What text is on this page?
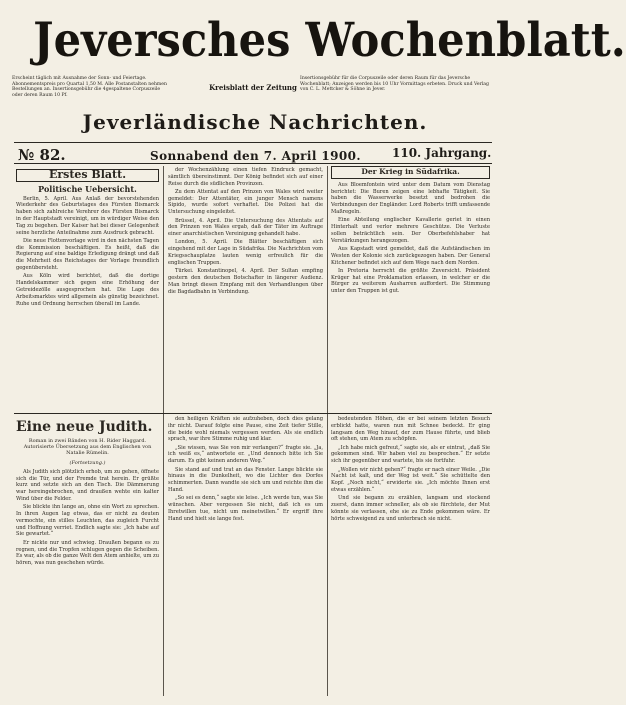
Jeversches Wochenblatt.
Erscheint täglich mit Ausnahme der Sonn- und Feiertage. Abonnementspreis pro Quartal 1,50 M. Alle Postanstalten nehmen Bestellungen an. Insertionsgebühr die 4gespaltene Corpuszeile oder deren Raum 10 Pf.
Kreisblatt der Zeitung
Insertionsgebühr für die Corpuszeile oder deren Raum für das Jeversche Wochenblatt; Anzeigen werden bis 10 Uhr Vormittags erbeten. Druck und Verlag von C. L. Mettcker & Söhne in Jever.
Jeverländische Nachrichten.
№ 82.	Sonnabend den 7. April 1900.	110. Jahrgang.
Erstes Blatt.
Politische Uebersicht.

Berlin, 5. April. Aus Anlaß der bevorstehenden Wiederkehr des Geburtstages des Fürsten Bismarck haben sich zahlreiche Verehrer des Fürsten Bismarck in der Hauptstadt vereinigt, um in würdiger Weise den Tag zu begehen. Der Kaiser hat bei dieser Gelegenheit seine herzliche Anteilnahme zum Ausdruck gebracht.

Die neue Flottenvorlage wird in den nächsten Tagen die Kommission beschäftigen. Es heißt, daß die Regierung auf eine baldige Erledigung drängt und daß die Mehrheit des Reichstages der Vorlage freundlich gegenübersteht.

Aus Köln wird berichtet, daß die dortige Handelskammer sich gegen eine Erhöhung der Getreidezölle ausgesprochen hat. Die Lage des Arbeitsmarktes wird allgemein als günstig bezeichnet. Ruhe und Ordnung herrschen überall im Lande.

der Wochenzählung einen tiefen Eindruck gemacht, sämtlich übereinstimmt. Der König befindet sich auf einer Reise durch die südlichen Provinzen.

Zu dem Attentat auf den Prinzen von Wales wird weiter gemeldet: Der Attentäter, ein junger Mensch namens Sipido, wurde sofort verhaftet. Die Polizei hat die Untersuchung eingeleitet.

Brüssel, 4. April. Die Untersuchung des Attentats auf den Prinzen von Wales ergab, daß der Täter im Auftrage einer anarchistischen Vereinigung gehandelt habe.

London, 5. April. Die Blätter beschäftigen sich eingehend mit der Lage in Südafrika. Die Nachrichten vom Kriegsschauplatze lauten wenig erfreulich für die englischen Truppen.

Türkei. Konstantinopel, 4. April. Der Sultan empfing gestern den deutschen Botschafter in längerer Audienz. Man bringt diesen Empfang mit den Verhandlungen über die Bagdadbahn in Verbindung.

Der Krieg in Südafrika.

Aus Bloemfontein wird unter dem Datum vom Dienstag berichtet: Die Buren zeigen eine lebhafte Tätigkeit. Sie haben die Wasserwerke besetzt und bedrohen die Verbindungen der Engländer. Lord Roberts trifft umfassende Maßregeln.

Eine Abteilung englischer Kavallerie geriet in einen Hinterhalt und verlor mehrere Geschütze. Die Verluste sollen beträchtlich sein. Der Oberbefehlshaber hat Verstärkungen herangezogen.

Aus Kapstadt wird gemeldet, daß die Aufständischen im Westen der Kolonie sich zurückgezogen haben. Der General Kitchener befindet sich auf dem Wege nach dem Norden.

In Pretoria herrscht die größte Zuversicht. Präsident Krüger hat eine Proklamation erlassen, in welcher er die Bürger zu weiterem Ausharren auffordert. Die Stimmung unter den Truppen ist gut.

Eine neue Judith.
Roman in zwei Bänden von H. Rider Haggard. Autorisierte Übersetzung aus dem Englischen von Natalie Rümelin.
(Fortsetzung.)

Als Judith sich plötzlich erhob, um zu gehen, öffnete sich die Tür, und der Fremde trat herein. Er grüßte kurz und setzte sich an den Tisch. Die Dämmerung war hereingebrochen, und draußen wehte ein kalter Wind über die Felder.

Sie blickte ihn lange an, ohne ein Wort zu sprechen. In ihren Augen lag etwas, das er nicht zu deuten vermochte, ein stilles Leuchten, das zugleich Furcht und Hoffnung verriet. Endlich sagte sie: „Ich habe auf Sie gewartet.“

Er nickte nur und schwieg. Draußen begann es zu regnen, und die Tropfen schlugen gegen die Scheiben. Es war, als ob die ganze Welt den Atem anhielte, um zu hören, was nun geschehen würde.

den heiligen Kräften sie aufzuheben, doch dies gelang ihr nicht. Darauf folgte eine Pause, eine Zeit tiefer Stille, die beide wohl niemals vergessen werden. Als sie endlich sprach, war ihre Stimme ruhig und klar.

„Sie wissen, was Sie von mir verlangen?“ fragte sie. „Ja, ich weiß es,“ antwortete er. „Und dennoch bitte ich Sie darum. Es gibt keinen anderen Weg.“

Sie stand auf und trat an das Fenster. Lange blickte sie hinaus in die Dunkelheit, wo die Lichter des Dorfes schimmerten. Dann wandte sie sich um und reichte ihm die Hand.

„So sei es denn,“ sagte sie leise. „Ich werde tun, was Sie wünschen. Aber vergessen Sie nicht, daß ich es um Ihretwillen tue, nicht um meinetwillen.“ Er ergriff ihre Hand und hielt sie lange fest.

bedeutenden Höhen, die er bei seinem letzten Besuch erblickt hatte, waren nun mit Schnee bedeckt. Er ging langsam den Weg hinauf, der zum Hause führte, und blieb oft stehen, um Atem zu schöpfen.

„Ich habe mich gefreut,“ sagte sie, als er eintrat, „daß Sie gekommen sind. Wir haben viel zu besprechen.“ Er setzte sich ihr gegenüber und wartete, bis sie fortfuhr.

„Wollen wir nicht gehen?“ fragte er nach einer Weile. „Die Nacht ist kalt, und der Weg ist weit.“ Sie schüttelte den Kopf. „Noch nicht,“ erwiderte sie. „Ich möchte Ihnen erst etwas erzählen.“

Und sie begann zu erzählen, langsam und stockend zuerst, dann immer schneller, als ob sie fürchtete, der Mut könnte sie verlassen, ehe sie zu Ende gekommen wäre. Er hörte schweigend zu und unterbrach sie nicht.
